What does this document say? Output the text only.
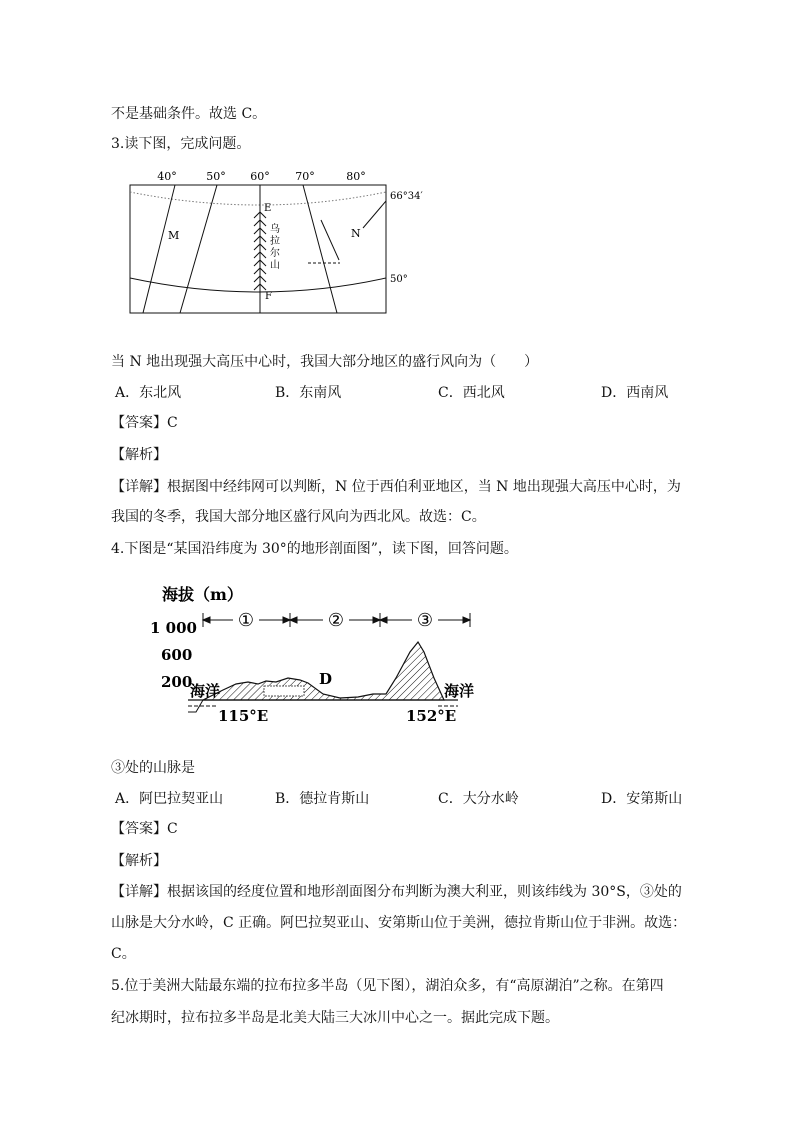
不是基础条件。故选 C。
3.读下图，完成问题。
40°	50° 60° 70°	80°
E
F
M	N
乌
拉
尔
山
66°34′
50°
当 N 地出现强大高压中心时，我国大部分地区的盛行风向为（　　）
A．东北风	B．东南风	C．西北风	D．西南风
【答案】C
【解析】
【详解】根据图中经纬网可以判断，N 位于西伯利亚地区，当 N 地出现强大高压中心时，为
我国的冬季，我国大部分地区盛行风向为西北风。故选：C。
4.下图是“某国沿纬度为 30°的地形剖面图”，读下图，回答问题。
海拔（m）
1 000
600
200
①	②	③
海洋	海洋
D
115°E	152°E
③处的山脉是
A．阿巴拉契亚山	B．德拉肯斯山	C．大分水岭	D．安第斯山
【答案】C
【解析】
【详解】根据该国的经度位置和地形剖面图分布判断为澳大利亚，则该纬线为 30°S，③处的
山脉是大分水岭，C 正确。阿巴拉契亚山、安第斯山位于美洲，德拉肯斯山位于非洲。故选：
C。
5.位于美洲大陆最东端的拉布拉多半岛（见下图），湖泊众多，有“高原湖泊”之称。在第四
纪冰期时，拉布拉多半岛是北美大陆三大冰川中心之一。据此完成下题。
